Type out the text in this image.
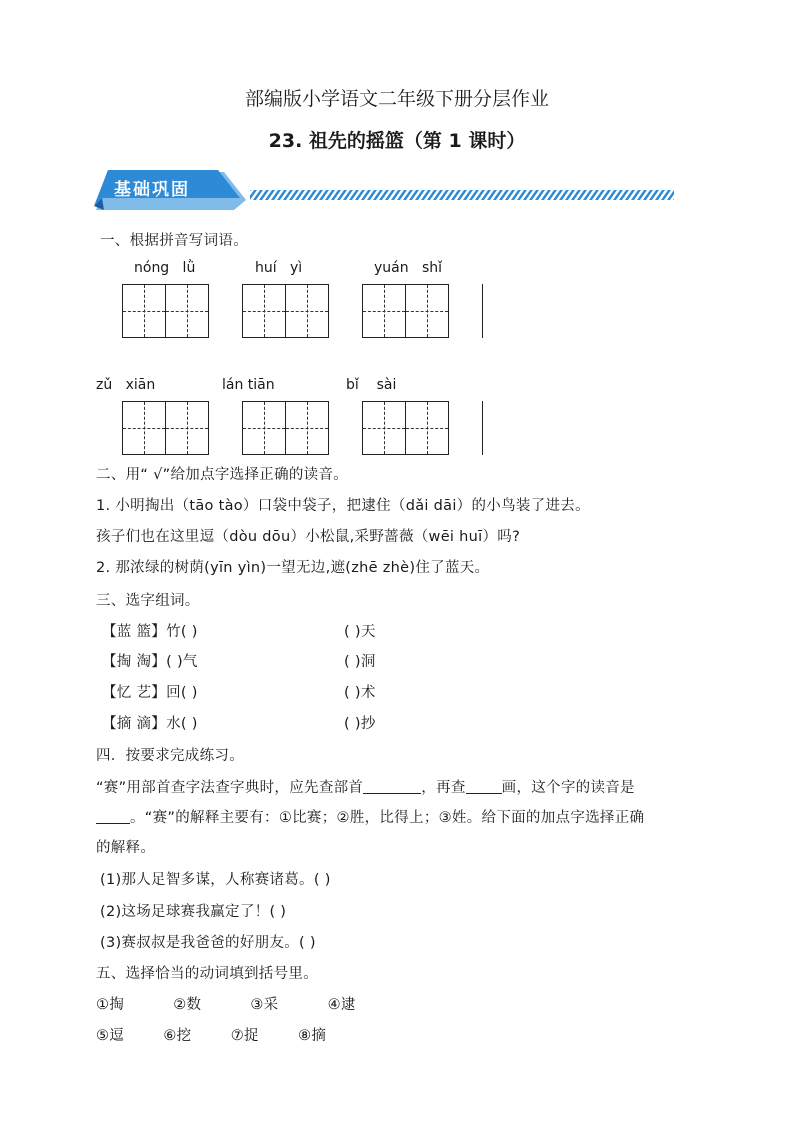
部编版小学语文二年级下册分层作业
23. 祖先的摇篮（第 1 课时）
基础巩固
一、根据拼音写词语。
nóng   lǜ	huí   yì	yuán   shǐ
zǔ   xiān	lán tiān	bǐ    sài
二、用“ √”给加点字选择正确的读音。
1. 小明掏出（tāo tào）口袋中袋子，把逮住（dǎi dāi）的小鸟装了进去。
孩子们也在这里逗（dòu dōu）小松鼠,采野蔷薇（wēi huī）吗?
2. 那浓绿的树荫(yīn yìn)一望无边,遮(zhē zhè)住了蓝天。
三、选字组词。
【蓝 篮】竹( )	( )天
【掏 淘】( )气	( )洞
【忆 艺】回( )	( )术
【摘 滴】水( )	( )抄
四．按要求完成练习。
“赛”用部首查字法查字典时，应先查部首	，再查 画，这个字的读音是
。“赛”的解释主要有：①比赛；②胜，比得上；③姓。给下面的加点字选择正确
的解释。
(1)那人足智多谋，人称赛诸葛。( )
(2)这场足球赛我赢定了！( )
(3)赛叔叔是我爸爸的好朋友。( )
五、选择恰当的动词填到括号里。
①掏          ②数          ③采          ④逮
⑤逗        ⑥挖        ⑦捉        ⑧摘
